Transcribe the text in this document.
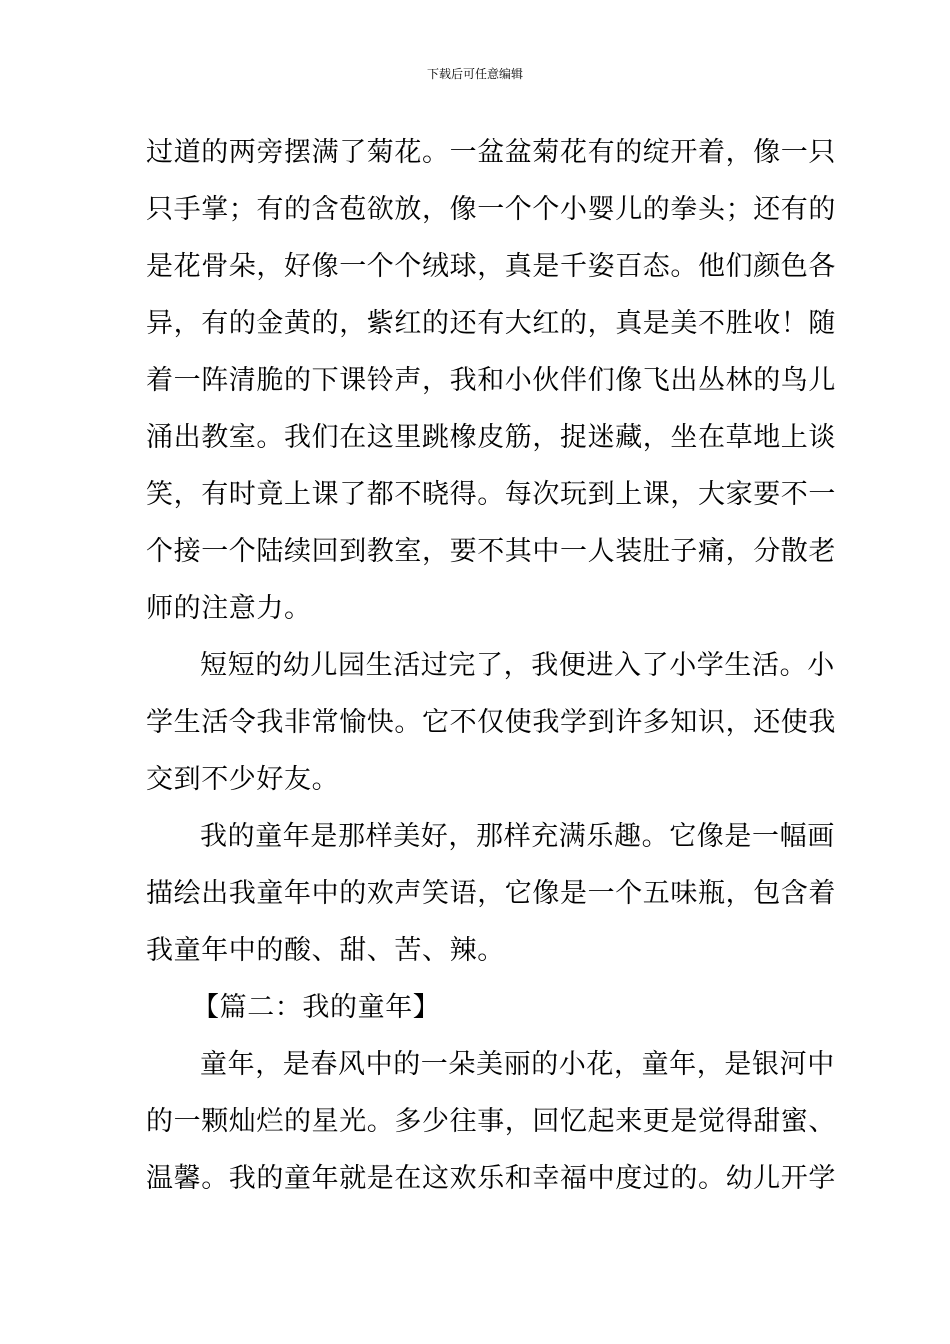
下载后可任意编辑
过道的两旁摆满了菊花。一盆盆菊花有的绽开着，像一只
只手掌；有的含苞欲放，像一个个小婴儿的拳头；还有的
是花骨朵，好像一个个绒球，真是千姿百态。他们颜色各
异，有的金黄的，紫红的还有大红的，真是美不胜收！随
着一阵清脆的下课铃声，我和小伙伴们像飞出丛林的鸟儿
涌出教室。我们在这里跳橡皮筋，捉迷藏，坐在草地上谈
笑，有时竟上课了都不晓得。每次玩到上课，大家要不一
个接一个陆续回到教室，要不其中一人装肚子痛，分散老
师的注意力。
短短的幼儿园生活过完了，我便进入了小学生活。小
学生活令我非常愉快。它不仅使我学到许多知识，还使我
交到不少好友。
我的童年是那样美好，那样充满乐趣。它像是一幅画
描绘出我童年中的欢声笑语，它像是一个五味瓶，包含着
我童年中的酸、甜、苦、辣。
【篇二：我的童年】
童年，是春风中的一朵美丽的小花，童年，是银河中
的一颗灿烂的星光。多少往事，回忆起来更是觉得甜蜜、
温馨。我的童年就是在这欢乐和幸福中度过的。幼儿开学
